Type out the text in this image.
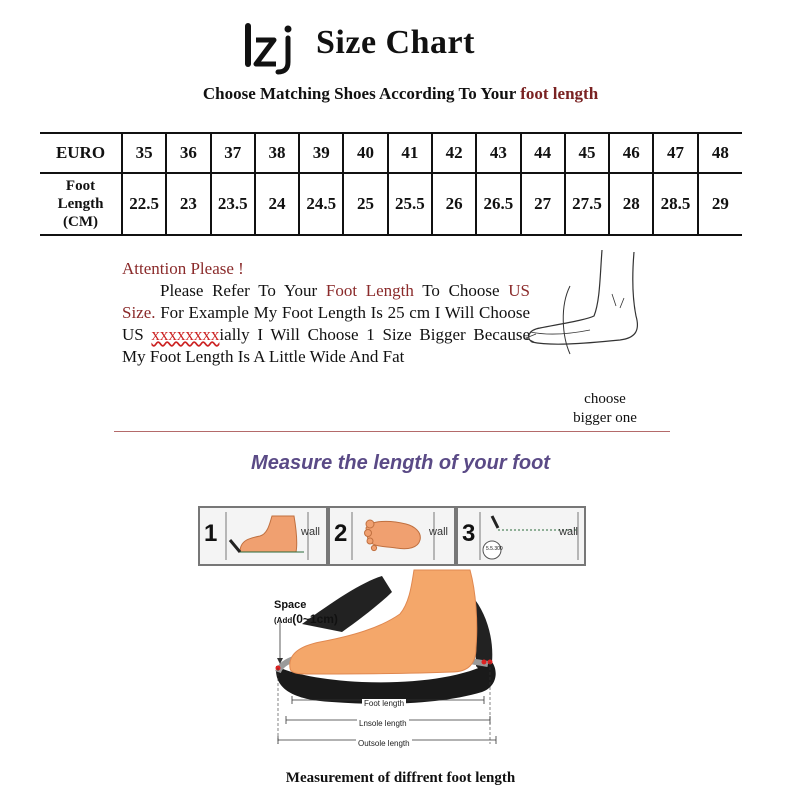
Size Chart
Choose Matching Shoes According To Your foot length
EURO	35	36	37	38	39	40	41	42	43	44	45	46	47	48
Foot
Length
(CM)	22.5	23	23.5	24	24.5	25	25.5	26	26.5	27	27.5	28	28.5	29
Attention Please !
Please Refer To Your Foot Length To Choose US Size. For Example My Foot Length Is 25 cm I Will Choose US xxxxxxxxially I Will Choose 1 Size Bigger Because My Foot Length Is A Little Wide And Fat
choose
bigger one
Measure the length of your foot
1	wall 2	wall 3	wall
5.5.300
Space
(Add(0~1cm)
Foot length
Lnsole length
Outsole length
Measurement of diffrent foot length
